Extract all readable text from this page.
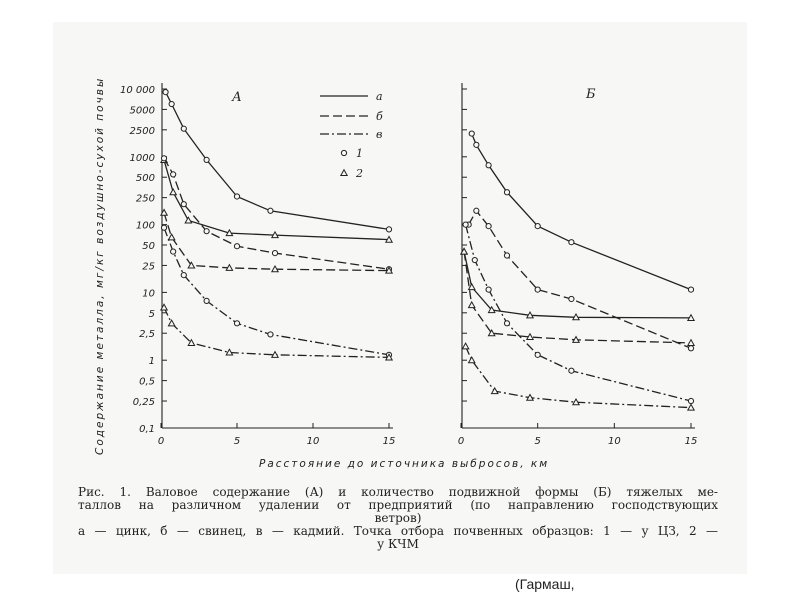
10 000
5000
2500
1000
500
250
100
50
25
10
5
2,5
1
0,5
0,25
0,1
0	5	10	15	0	5	10	15
а
б
в
1
2
А	Б
Расстояние до источника выбросов, км
Содержание металла, мг/кг воздушно-сухой почвы
Рис. 1. Валовое содержание (А) и количество подвижной формы (Б) тяжелых ме-
таллов на различном удалении от предприятий (по направлению господствующих
ветров)
а — цинк, б — свинец, в — кадмий. Точка отбора почвенных образцов: 1 — у ЦЗ, 2 —
у КЧМ
(Гармаш,
